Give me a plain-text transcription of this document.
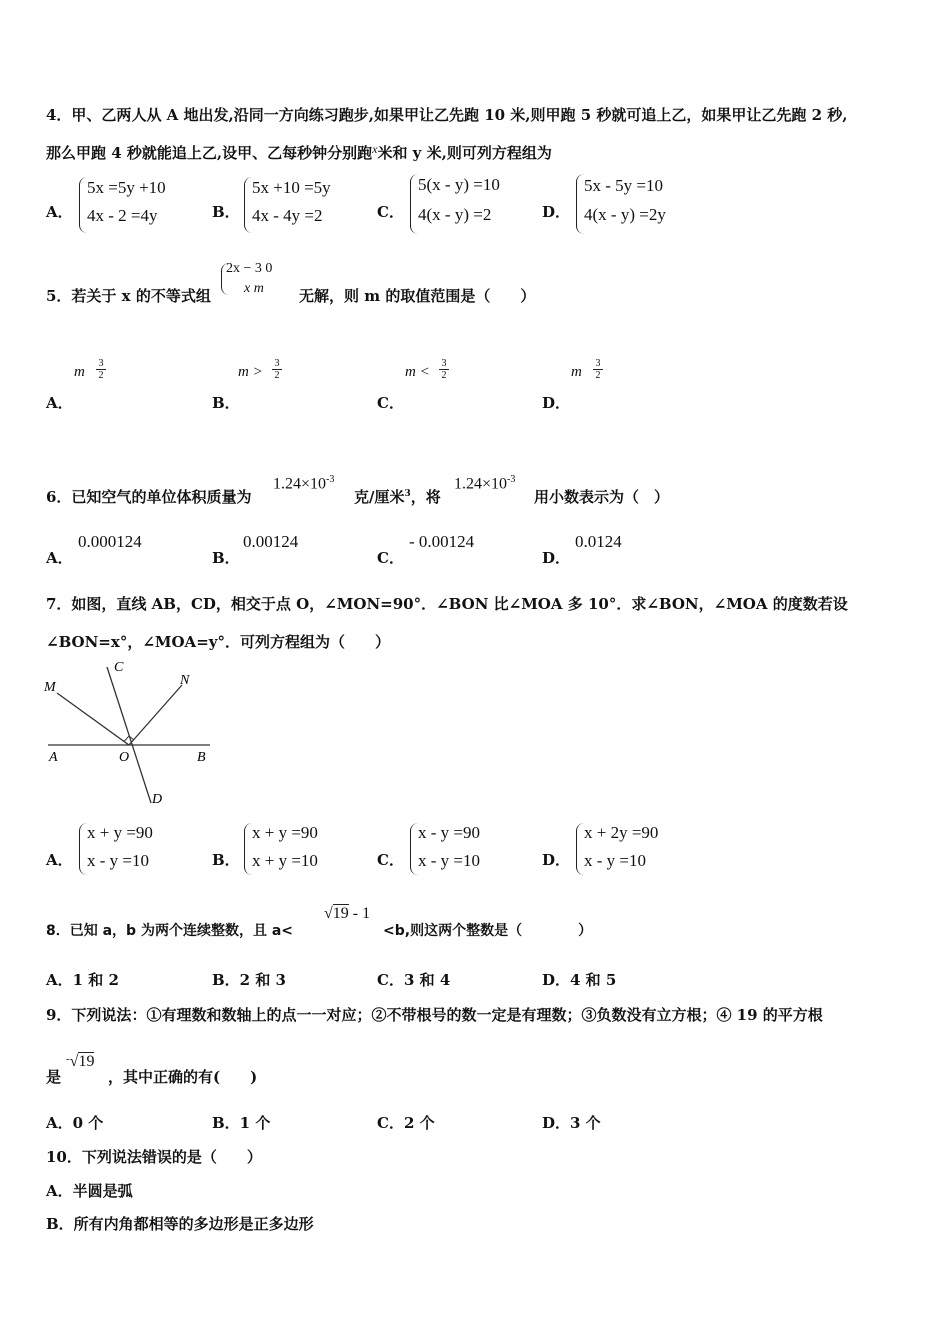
4．甲、乙两人从 A 地出发,沿同一方向练习跑步,如果甲让乙先跑 10 米,则甲跑 5 秒就可追上乙，如果甲让乙先跑 2 秒,
那么甲跑 4 秒就能追上乙,设甲、乙每秒钟分别跑$^x$米和 y 米,则可列方程组为
A．
5x =5y +10
4x - 2 =4y	B．
5x +10 =5y
4x - 4y =2	C．
5(x - y) =10
4(x - y) =2	D．
5x - 5y =10
4(x - y) =2y
5．若关于 x 的不等式组
2x − 3 0
x m 无解，则 m 的取值范围是（　　）
A．
m $\frac{3}{2}$
B．
$m > \frac{3}{2}$
C．
$m < \frac{3}{2}$
D．
m $\frac{3}{2}$
6．已知空气的单位体积质量为
$1.24\times 10^{-3}$
克/厘米$^3$，将
$1.24\times 10^{-3}$
用小数表示为（　）
A．
0.000124
B．
0.00124
C．
- 0.00124
D．
0.0124
7．如图，直线 AB，CD，相交于点 O，∠MON=90°．∠BON 比∠MOA 多 10°．求∠BON，∠MOA 的度数若设
∠BON=x°，∠MOA=y°．可列方程组为（　　）
M
C
N
A	O	B
D
A．
x + y =90
x - y =10	B．
x + y =90
x + y =10	C．
x - y =90
x - y =10	D．
x + 2y =90
x - y =10
8．已知 a，b 为两个连续整数，且 a<
√19 - 1
<b,则这两个整数是（　　　　）
A．1 和 2	B．2 和 3	C．3 和 4	D．4 和 5
9．下列说法：①有理数和数轴上的点一一对应；②不带根号的数一定是有理数；③负数没有立方根；④ 19 的平方根
是
-√19
，其中正确的有(　　)
A．0 个	B．1 个	C．2 个	D．3 个
10．下列说法错误的是（　　）
A．半圆是弧
B．所有内角都相等的多边形是正多边形
